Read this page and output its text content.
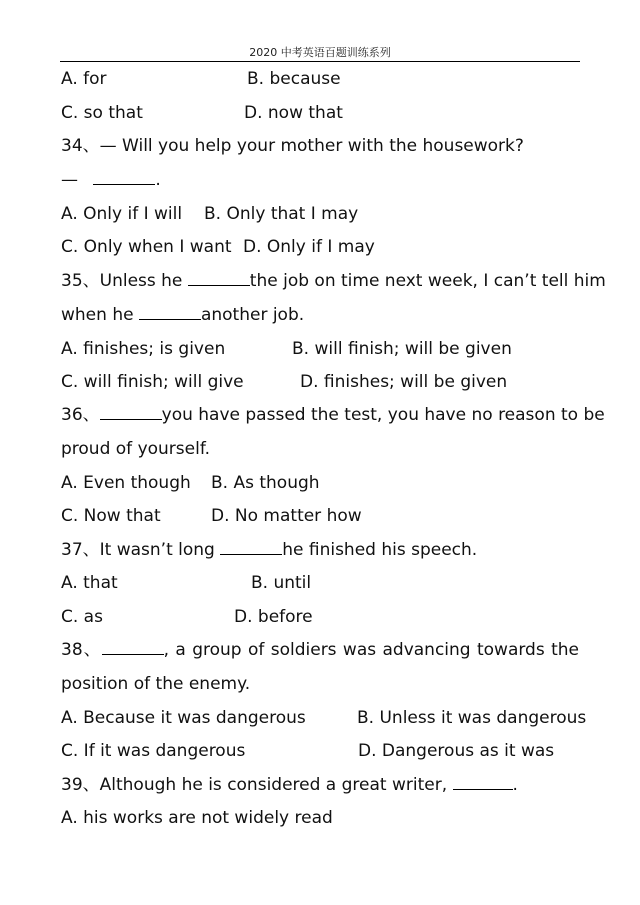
2020 中考英语百题训练系列
A. for	B. because
C. so that	D. now that
34、— Will you help your mother with the housework?
—	.
A. Only if I will B. Only that I may
C. Only when I want D. Only if I may
35、Unless he	the job on time next week, I can’t tell him
when he	another job.
A. finishes; is given	B. will finish; will be given
C. will finish; will give	D. finishes; will be given
36、	you have passed the test, you have no reason to be
proud of yourself.
A. Even though B. As though
C. Now that	D. No matter how
37、It wasn’t long	he finished his speech.
A. that	B. until
C. as	D. before
38、	, a group of soldiers was advancing towards the
position of the enemy.
A. Because it was dangerous	B. Unless it was dangerous
C. If it was dangerous	D. Dangerous as it was
39、Although he is considered a great writer,	.
A. his works are not widely read
